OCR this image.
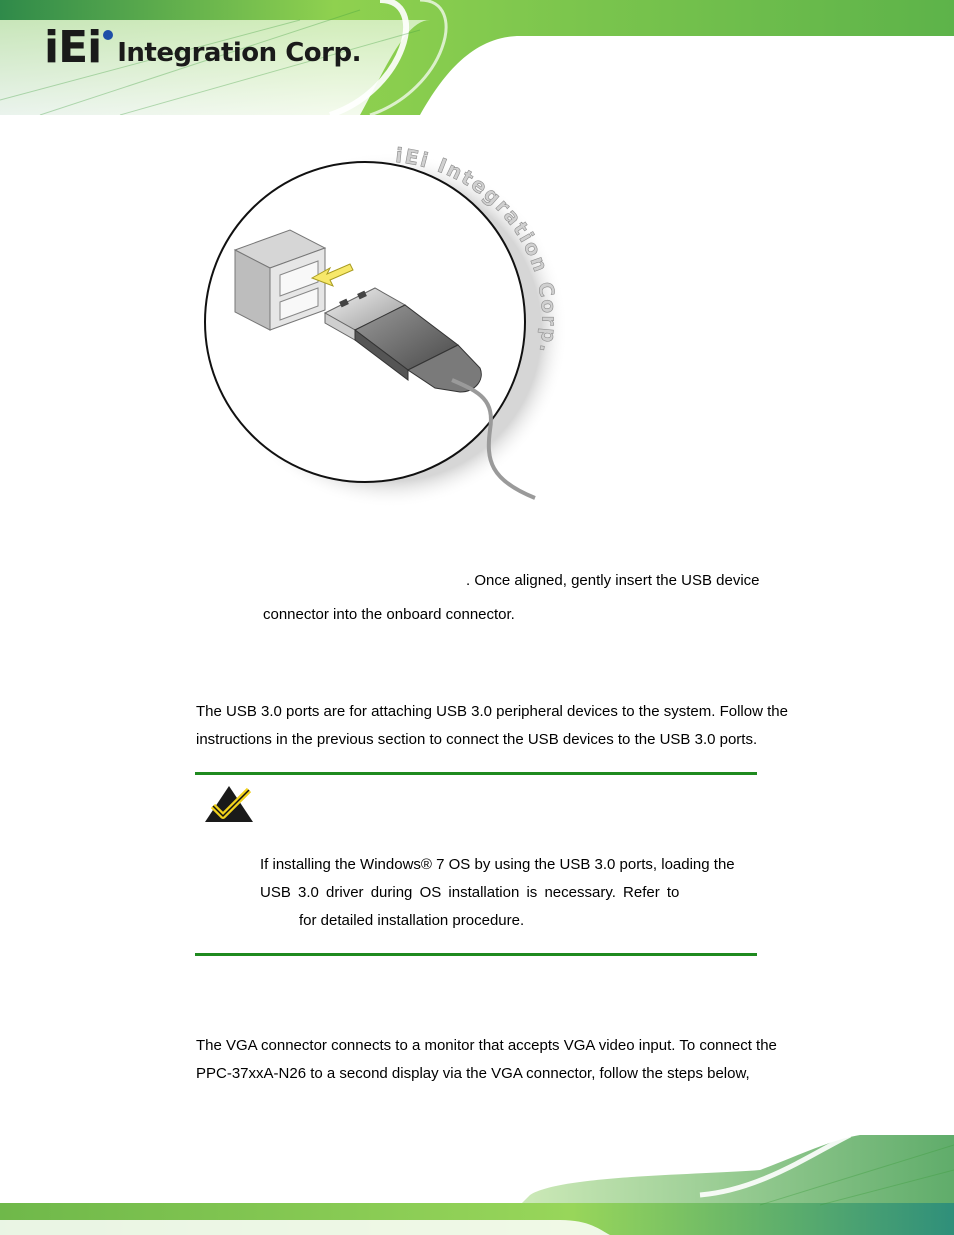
iEi Integration Corp.
iEi Integration Corp.
. Once aligned, gently insert the USB device
connector into the onboard connector.
The USB 3.0 ports are for attaching USB 3.0 peripheral devices to the system. Follow the
instructions in the previous section to connect the USB devices to the USB 3.0 ports.
If installing the Windows® 7 OS by using the USB 3.0 ports, loading the
USB 3.0 driver during OS installation is necessary. Refer to
for detailed installation procedure.
The VGA connector connects to a monitor that accepts VGA video input. To connect the
PPC-37xxA-N26 to a second display via the VGA connector, follow the steps below,
